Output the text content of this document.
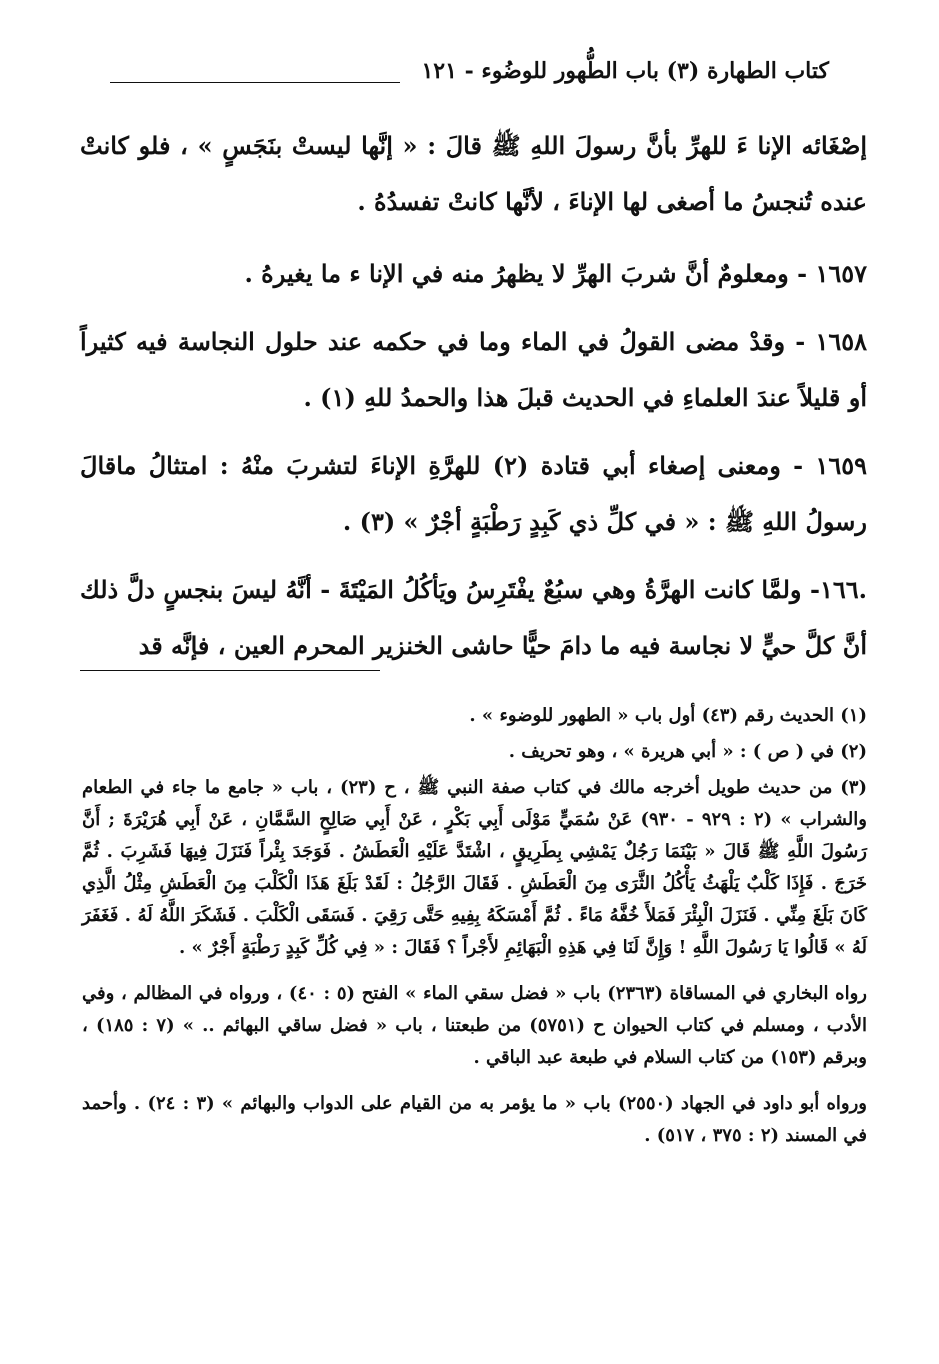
كتاب الطهارة (٣) باب الطُّهور للوضُوء - ١٢١

إصْغَائه الإنا ءَ للهرِّ بأنَّ رسولَ اللهِ ﷺ قالَ : « إنَّها ليستْ بنَجَسٍ » ، فلو كانتْ عنده تُنجسُ ما أصغى لها الإناءَ ، لأنَّها كانتْ تفسدُهُ .

١٦٥٧ - ومعلومٌ أنَّ شربَ الهرِّ لا يظهرُ منه في الإنا ء ما يغيرهُ .

١٦٥٨ - وقدْ مضى القولُ في الماء وما في حكمه عند حلول النجاسة فيه كثيراً أو قليلاً عندَ العلماءِ في الحديث قبلَ هذا والحمدُ للهِ (١) .

١٦٥٩ - ومعنى إصغاء أبي قتادة (٢) للهرَّةِ الإناءَ لتشربَ منْهُ : امتثالُ ماقالَ رسولُ اللهِ ﷺ : « في كلِّ ذي كَبِدٍ رَطْبَةٍ أجْرٌ » (٣) .

.١٦٦- ولمَّا كانت الهرَّةُ وهي سبُعٌ يفْتَرِسُ ويَأكُلُ المَيْتَةَ - أنَّهُ ليسَ بنجسٍ دلَّ ذلك أنَّ كلَّ حيٍّ لا نجاسة فيه ما دامَ حيًّا حاشى الخنزير المحرم العين ، فإنَّه قد

(١) الحديث رقم (٤٣) أول باب « الطهور للوضوء » .

(٢) في ( ص ) : « أبي هريرة » ، وهو تحريف .

(٣) من حديث طويل أخرجه مالك في كتاب صفة النبي ﷺ ، ح (٢٣) ، باب « جامع ما جاء في الطعام والشراب » (٢ : ٩٢٩ - ٩٣٠) عَنْ سُمَيٍّ مَوْلَى أَبِي بَكْرٍ ، عَنْ أَبِي صَالِحٍ السَّمَّانِ ، عَنْ أَبِي هُرَيْرَةَ ; أَنَّ رَسُولَ اللَّهِ ﷺ قَالَ « بَيْنَمَا رَجُلٌ يَمْشِي بِطَرِيقٍ ، اشْتَدَّ عَلَيْهِ الْعَطَشُ . فَوَجَدَ بِئْراً فَنَزَلَ فِيهَا فَشَرِبَ . ثُمَّ خَرَجَ . فَإِذَا كَلْبٌ يَلْهَثُ يَأْكُلُ الثَّرَى مِنَ الْعَطَشِ . فَقَالَ الرَّجُلُ : لَقَدْ بَلَغَ هَذَا الْكَلْبَ مِنَ الْعَطَشِ مِثْلُ الَّذِي كَانَ بَلَغَ مِنِّي . فَنَزَلَ الْبِئْرَ فَمَلأَ خُفَّهُ مَاءً . ثُمَّ أَمْسَكَهُ بِفِيهِ حَتَّى رَقِيَ . فَسَقَى الْكَلْبَ . فَشَكَرَ اللَّهُ لَهُ . فَغَفَرَ لَهُ » قَالُوا يَا رَسُولَ اللَّهِ ! وَإِنَّ لَنَا فِي هَذِهِ الْبَهَائِمِ لأَجْراً ؟ فَقَالَ : « فِي كُلِّ كَبِدٍ رَطْبَةٍ أَجْرٌ » .

رواه البخاري في المساقاة (٢٣٦٣) باب « فضل سقي الماء » الفتح (٥ : ٤٠) ، ورواه في المظالم ، وفي الأدب ، ومسلم في كتاب الحيوان ح (٥٧٥١) من طبعتنا ، باب « فضل ساقي البهائم .. » (٧ : ١٨٥) ، وبرقم (١٥٣) من كتاب السلام في طبعة عبد الباقي .

ورواه أبو داود في الجهاد (٢٥٥٠) باب « ما يؤمر به من القيام على الدواب والبهائم » (٣ : ٢٤) . وأحمد في المسند (٢ : ٣٧٥ ، ٥١٧) .
